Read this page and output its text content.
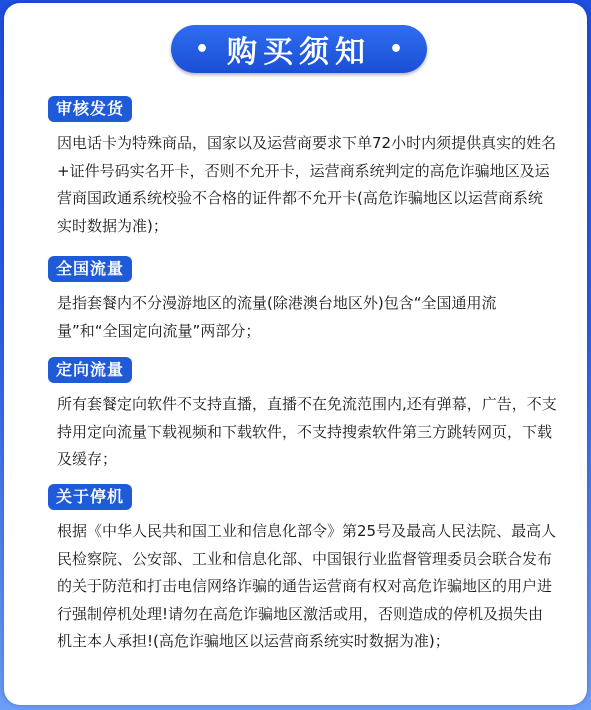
• 购买须知 •
审核发货
因电话卡为特殊商品，国家以及运营商要求下单72小时内须提供真实的姓名+证件号码实名开卡，否则不允开卡，运营商系统判定的高危诈骗地区及运营商国政通系统校验不合格的证件都不允开卡(高危诈骗地区以运营商系统实时数据为准)；
全国流量
是指套餐内不分漫游地区的流量(除港澳台地区外)包含“全国通用流量”和“全国定向流量”两部分；
定向流量
所有套餐定向软件不支持直播，直播不在免流范围内,还有弹幕，广告，不支持用定向流量下载视频和下载软件，不支持搜索软件第三方跳转网页，下载及缓存；
关于停机
根据《中华人民共和国工业和信息化部令》第25号及最高人民法院、最高人民检察院、公安部、工业和信息化部、中国银行业监督管理委员会联合发布的关于防范和打击电信网络诈骗的通告运营商有权对高危诈骗地区的用户进行强制停机处理!请勿在高危诈骗地区激活或用，否则造成的停机及损失由机主本人承担!(高危诈骗地区以运营商系统实时数据为准)；
